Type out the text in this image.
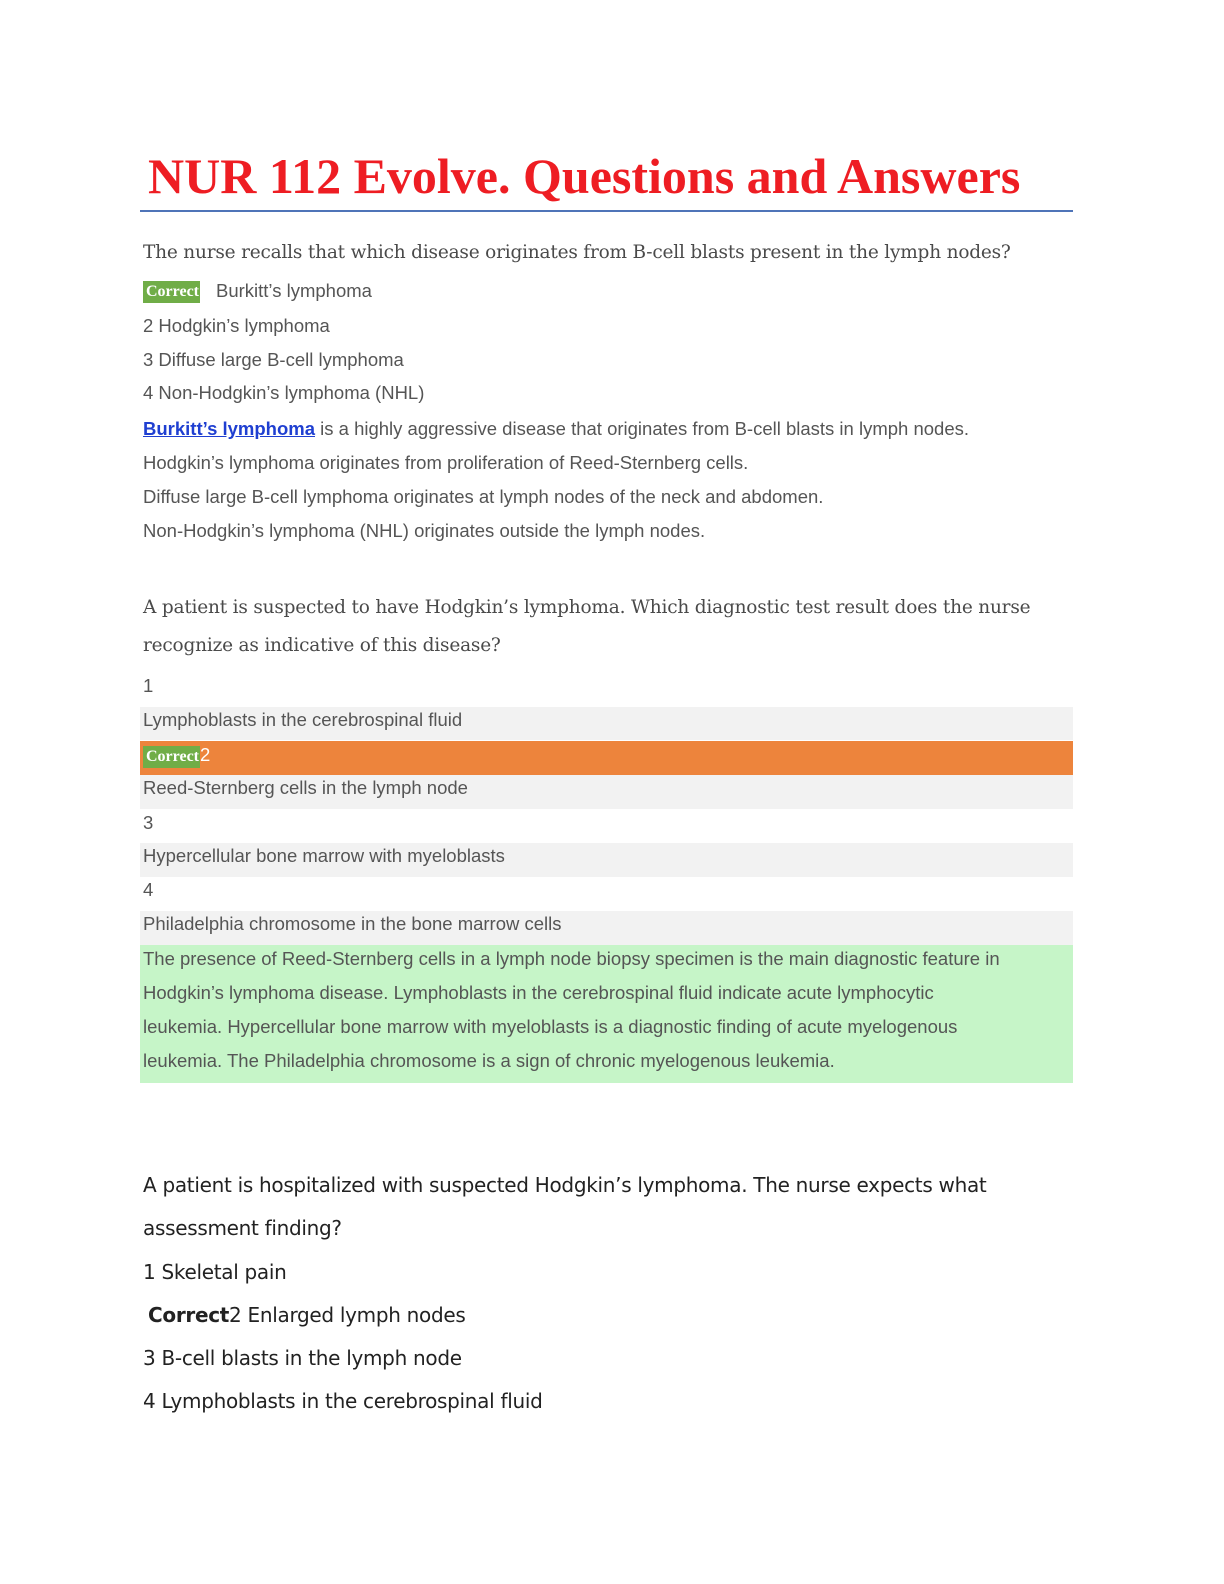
NUR 112 Evolve. Questions and Answers
The nurse recalls that which disease originates from B-cell blasts present in the lymph nodes?
Correct Burkitt’s lymphoma
2 Hodgkin’s lymphoma
3 Diffuse large B-cell lymphoma
4 Non-Hodgkin’s lymphoma (NHL)
Burkitt’s lymphoma is a highly aggressive disease that originates from B-cell blasts in lymph nodes.
Hodgkin’s lymphoma originates from proliferation of Reed-Sternberg cells.
Diffuse large B-cell lymphoma originates at lymph nodes of the neck and abdomen.
Non-Hodgkin’s lymphoma (NHL) originates outside the lymph nodes.
A patient is suspected to have Hodgkin’s lymphoma. Which diagnostic test result does the nurse
recognize as indicative of this disease?
1
Lymphoblasts in the cerebrospinal fluid
Correct2
Reed-Sternberg cells in the lymph node
3
Hypercellular bone marrow with myeloblasts
4
Philadelphia chromosome in the bone marrow cells
The presence of Reed-Sternberg cells in a lymph node biopsy specimen is the main diagnostic feature in
Hodgkin’s lymphoma disease. Lymphoblasts in the cerebrospinal fluid indicate acute lymphocytic
leukemia. Hypercellular bone marrow with myeloblasts is a diagnostic finding of acute myelogenous
leukemia. The Philadelphia chromosome is a sign of chronic myelogenous leukemia.
A patient is hospitalized with suspected Hodgkin’s lymphoma. The nurse expects what
assessment finding?
1 Skeletal pain
Correct2 Enlarged lymph nodes
3 B-cell blasts in the lymph node
4 Lymphoblasts in the cerebrospinal fluid
